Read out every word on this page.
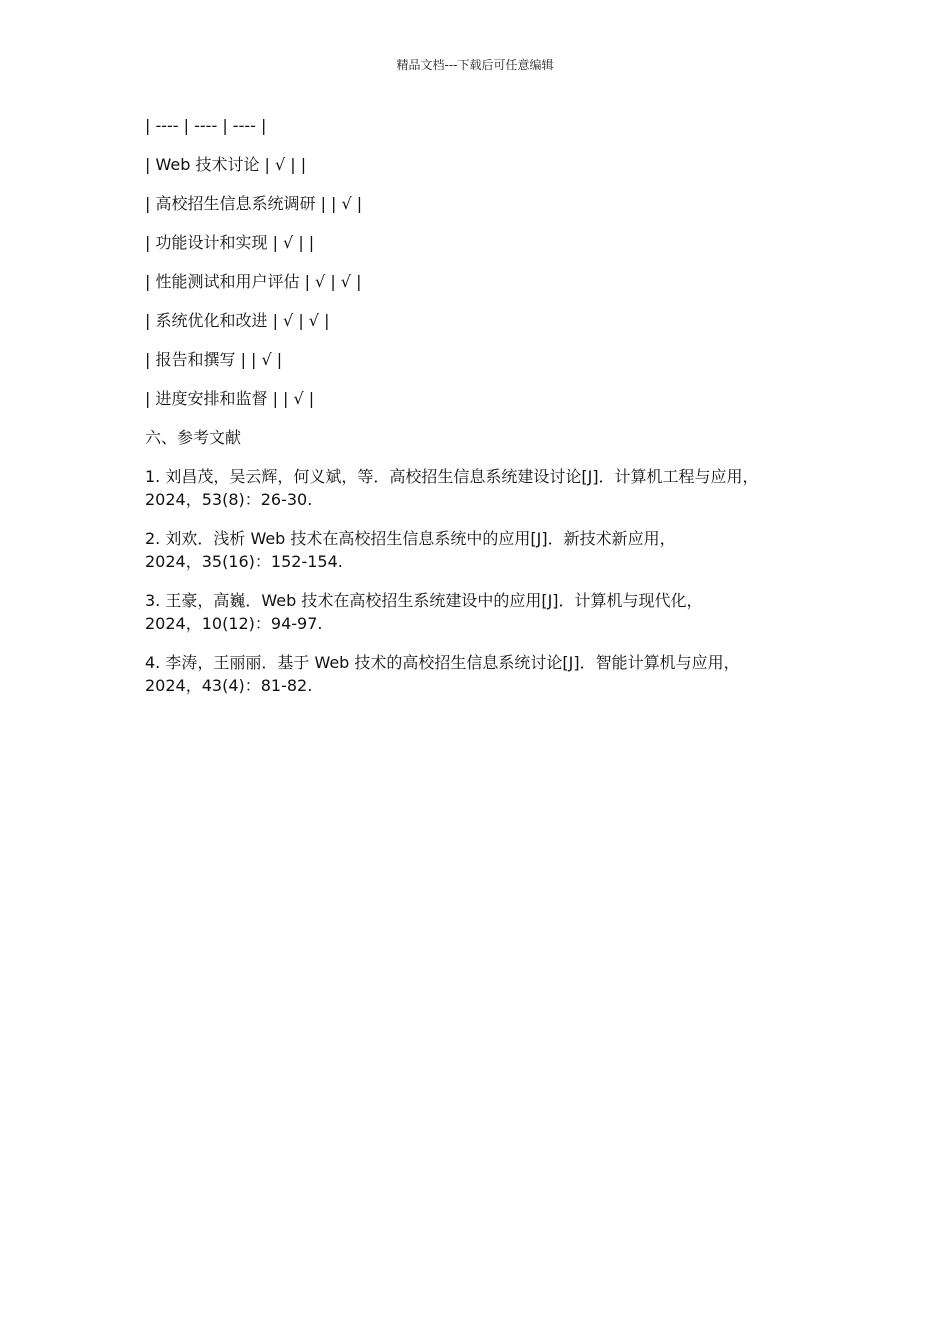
精品文档---下载后可任意编辑

| ---- | ---- | ---- |

| Web 技术讨论 | √ | |

| 高校招生信息系统调研 | | √ |

| 功能设计和实现 | √ | |

| 性能测试和用户评估 | √ | √ |

| 系统优化和改进 | √ | √ |

| 报告和撰写 | | √ |

| 进度安排和监督 | | √ |

六、参考文献

1. 刘昌茂，吴云辉，何义斌，等．高校招生信息系统建设讨论[J]．计算机工程与应用，
2024，53(8)：26-30.

2. 刘欢．浅析 Web 技术在高校招生信息系统中的应用[J]．新技术新应用，
2024，35(16)：152-154.

3. 王豪，高巍．Web 技术在高校招生系统建设中的应用[J]．计算机与现代化，
2024，10(12)：94-97.

4. 李涛，王丽丽．基于 Web 技术的高校招生信息系统讨论[J]．智能计算机与应用，
2024，43(4)：81-82.
